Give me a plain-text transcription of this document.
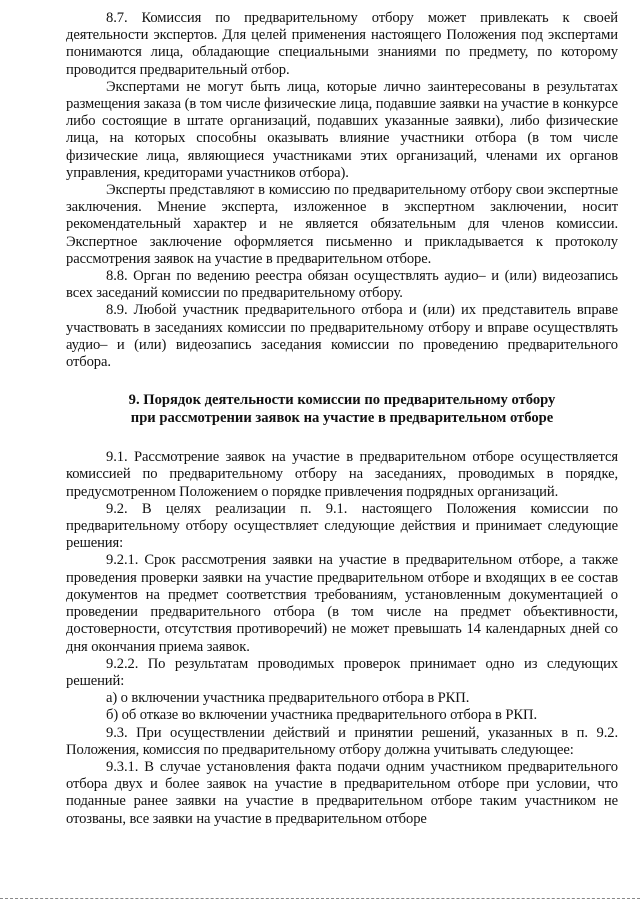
8.7. Комиссия по предварительному отбору может привлекать к своей деятельности экспертов. Для целей применения настоящего Положения под экспертами понимаются лица, обладающие специальными знаниями по предмету, по которому проводится предварительный отбор.

Экспертами не могут быть лица, которые лично заинтересованы в результатах размещения заказа (в том числе физические лица, подавшие заявки на участие в конкурсе либо состоящие в штате организаций, подавших указанные заявки), либо физические лица, на которых способны оказывать влияние участники отбора (в том числе физические лица, являющиеся участниками этих организаций, членами их органов управления, кредиторами участников отбора).

Эксперты представляют в комиссию по предварительному отбору свои экспертные заключения. Мнение эксперта, изложенное в экспертном заключении, носит рекомендательный характер и не является обязательным для членов комиссии. Экспертное заключение оформляется письменно и прикладывается к протоколу рассмотрения заявок на участие в предварительном отборе.

8.8. Орган по ведению реестра обязан осуществлять аудио– и (или) видеозапись всех заседаний комиссии по предварительному отбору.

8.9. Любой участник предварительного отбора и (или) их представитель вправе участвовать в заседаниях комиссии по предварительному отбору и вправе осуществлять аудио– и (или) видеозапись заседания комиссии по проведению предварительного отбора.

9. Порядок деятельности комиссии по предварительному отбору
при рассмотрении заявок на участие в предварительном отборе

9.1. Рассмотрение заявок на участие в предварительном отборе осуществляется комиссией по предварительному отбору на заседаниях, проводимых в порядке, предусмотренном Положением о порядке привлечения подрядных организаций.

9.2. В целях реализации п. 9.1. настоящего Положения комиссии по предварительному отбору осуществляет следующие действия и принимает следующие решения:

9.2.1. Срок рассмотрения заявки на участие в предварительном отборе, а также проведения проверки заявки на участие предварительном отборе и входящих в ее состав документов на предмет соответствия требованиям, установленным документацией о проведении предварительного отбора (в том числе на предмет объективности, достоверности, отсутствия противоречий) не может превышать 14 календарных дней со дня окончания приема заявок.

9.2.2. По результатам проводимых проверок принимает одно из следующих решений:

а) о включении участника предварительного отбора в РКП.

б) об отказе во включении участника предварительного отбора в РКП.

9.3. При осуществлении действий и принятии решений, указанных в п. 9.2. Положения, комиссия по предварительному отбору должна учитывать следующее:

9.3.1. В случае установления факта подачи одним участником предварительного отбора двух и более заявок на участие в предварительном отборе при условии, что поданные ранее заявки на участие в предварительном отборе таким участником не отозваны, все заявки на участие в предварительном отборе
